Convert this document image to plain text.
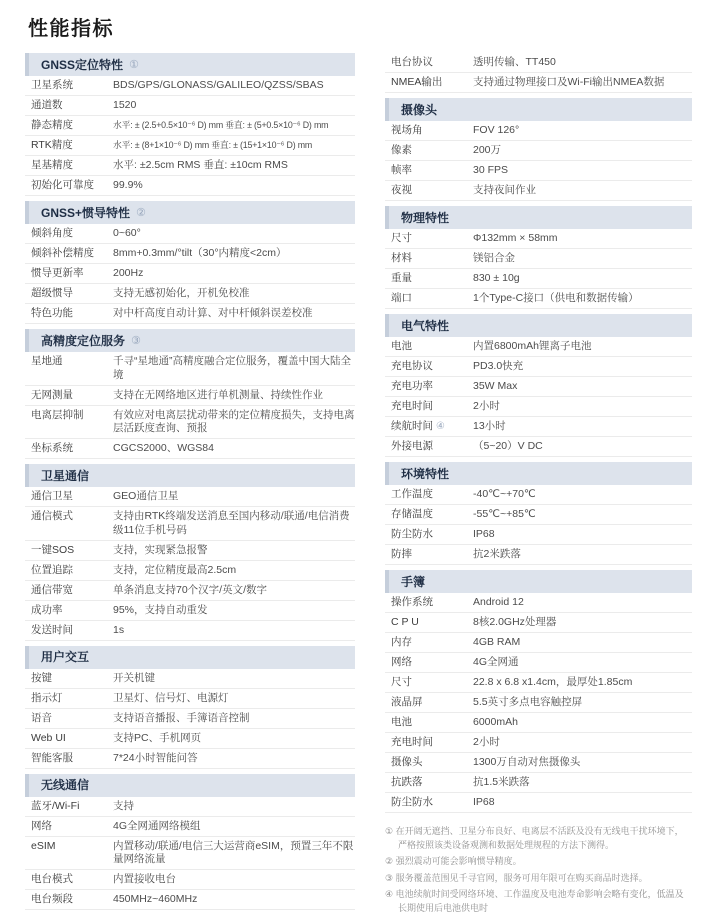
性能指标
GNSS定位特性 ①
卫星系统	BDS/GPS/GLONASS/GALILEO/QZSS/SBAS
通道数	1520
静态精度	水平: ± (2.5+0.5×10⁻⁶ D) mm 垂直: ± (5+0.5×10⁻⁶ D) mm
RTK精度	水平: ± (8+1×10⁻⁶ D) mm 垂直: ± (15+1×10⁻⁶ D) mm
星基精度	水平: ±2.5cm RMS 垂直: ±10cm RMS
初始化可靠度	99.9%
GNSS+惯导特性 ②
倾斜角度	0~60°
倾斜补偿精度	8mm+0.3mm/°tilt（30°内精度<2cm）
惯导更新率	200Hz
超级惯导	支持无感初始化，开机免校准
特色功能	对中杆高度自动计算、对中杆倾斜误差校准
高精度定位服务 ③
星地通	千寻“星地通”高精度融合定位服务，覆盖中国大陆全境
无网测量	支持在无网络地区进行单机测量、持续性作业
电离层抑制	有效应对电离层扰动带来的定位精度损失，支持电离层活跃度查询、预报
坐标系统	CGCS2000、WGS84
卫星通信
通信卫星	GEO通信卫星
通信模式	支持由RTK终端发送消息至国内移动/联通/电信消费级11位手机号码
一键SOS	支持，实现紧急报警
位置追踪	支持，定位精度最高2.5cm
通信带宽	单条消息支持70个汉字/英文/数字
成功率	95%，支持自动重发
发送时间	1s
用户交互
按键	开关机键
指示灯	卫星灯、信号灯、电源灯
语音	支持语音播报、手簿语音控制
Web UI	支持PC、手机网页
智能客服	7*24小时智能问答
无线通信
蓝牙/Wi-Fi	支持
网络	4G全网通网络模组
eSIM	内置移动/联通/电信三大运营商eSIM，预置三年不限量网络流量
电台模式	内置接收电台
电台频段	450MHz~460MHz
电台协议	透明传输、TT450
NMEA输出	支持通过物理接口及Wi-Fi输出NMEA数据
摄像头
视场角	FOV 126°
像素	200万
帧率	30 FPS
夜视	支持夜间作业
物理特性
尺寸	Φ132mm × 58mm
材料	镁铝合金
重量	830 ± 10g
端口	1个Type-C接口（供电和数据传输）
电气特性
电池	内置6800mAh锂离子电池
充电协议	PD3.0快充
充电功率	35W Max
充电时间	2小时
续航时间 ④	13小时
外接电源	（5~20）V DC
环境特性
工作温度	-40℃~+70℃
存储温度	-55℃~+85℃
防尘防水	IP68
防摔	抗2米跌落
手簿
操作系统	Android 12
C P U	8核2.0GHz处理器
内存	4GB RAM
网络	4G全网通
尺寸	22.8 x 6.8 x1.4cm，最厚处1.85cm
液晶屏	5.5英寸多点电容触控屏
电池	6000mAh
充电时间	2小时
摄像头	1300万自动对焦摄像头
抗跌落	抗1.5米跌落
防尘防水	IP68
① 在开阔无遮挡、卫星分布良好、电离层不活跃及没有无线电干扰环境下，严格按照该类设备观测和数据处理规程的方法下测得。
② 强烈震动可能会影响惯导精度。
③ 服务覆盖范围见千寻官网，服务可用年限可在购买商品时选择。
④ 电池续航时间受网络环境、工作温度及电池寿命影响会略有变化，低温及长期使用后电池供电时
